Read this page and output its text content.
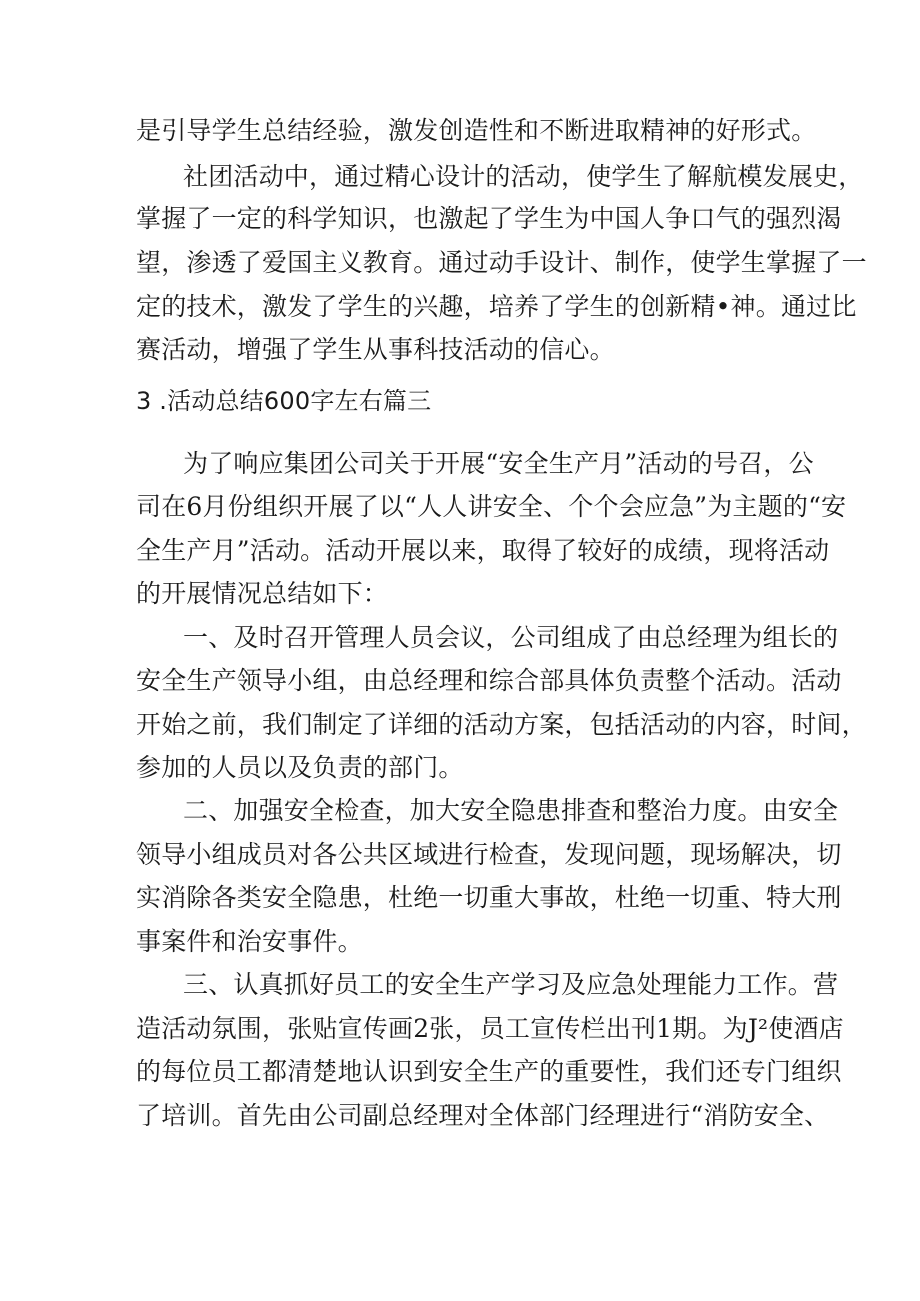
是引导学生总结经验，激发创造性和不断进取精神的好形式。
社团活动中，通过精心设计的活动，使学生了解航模发展史，
掌握了一定的科学知识，也激起了学生为中国人争口气的强烈渴
望，渗透了爱国主义教育。通过动手设计、制作，使学生掌握了一
定的技术，激发了学生的兴趣，培养了学生的创新精•神。通过比
赛活动，增强了学生从事科技活动的信心。
3 .活动总结600字左右篇三
为了响应集团公司关于开展“安全生产月”活动的号召，公
司在6月份组织开展了以“人人讲安全、个个会应急”为主题的“安
全生产月”活动。活动开展以来，取得了较好的成绩，现将活动
的开展情况总结如下：
一、及时召开管理人员会议，公司组成了由总经理为组长的
安全生产领导小组，由总经理和综合部具体负责整个活动。活动
开始之前，我们制定了详细的活动方案，包括活动的内容，时间，
参加的人员以及负责的部门。
二、加强安全检查，加大安全隐患排查和整治力度。由安全
领导小组成员对各公共区域进行检查，发现问题，现场解决，切
实消除各类安全隐患，杜绝一切重大事故，杜绝一切重、特大刑
事案件和治安事件。
三、认真抓好员工的安全生产学习及应急处理能力工作。营
造活动氛围，张贴宣传画2张，员工宣传栏出刊1期。为J²使酒店
的每位员工都清楚地认识到安全生产的重要性，我们还专门组织
了培训。首先由公司副总经理对全体部门经理进行“消防安全、
